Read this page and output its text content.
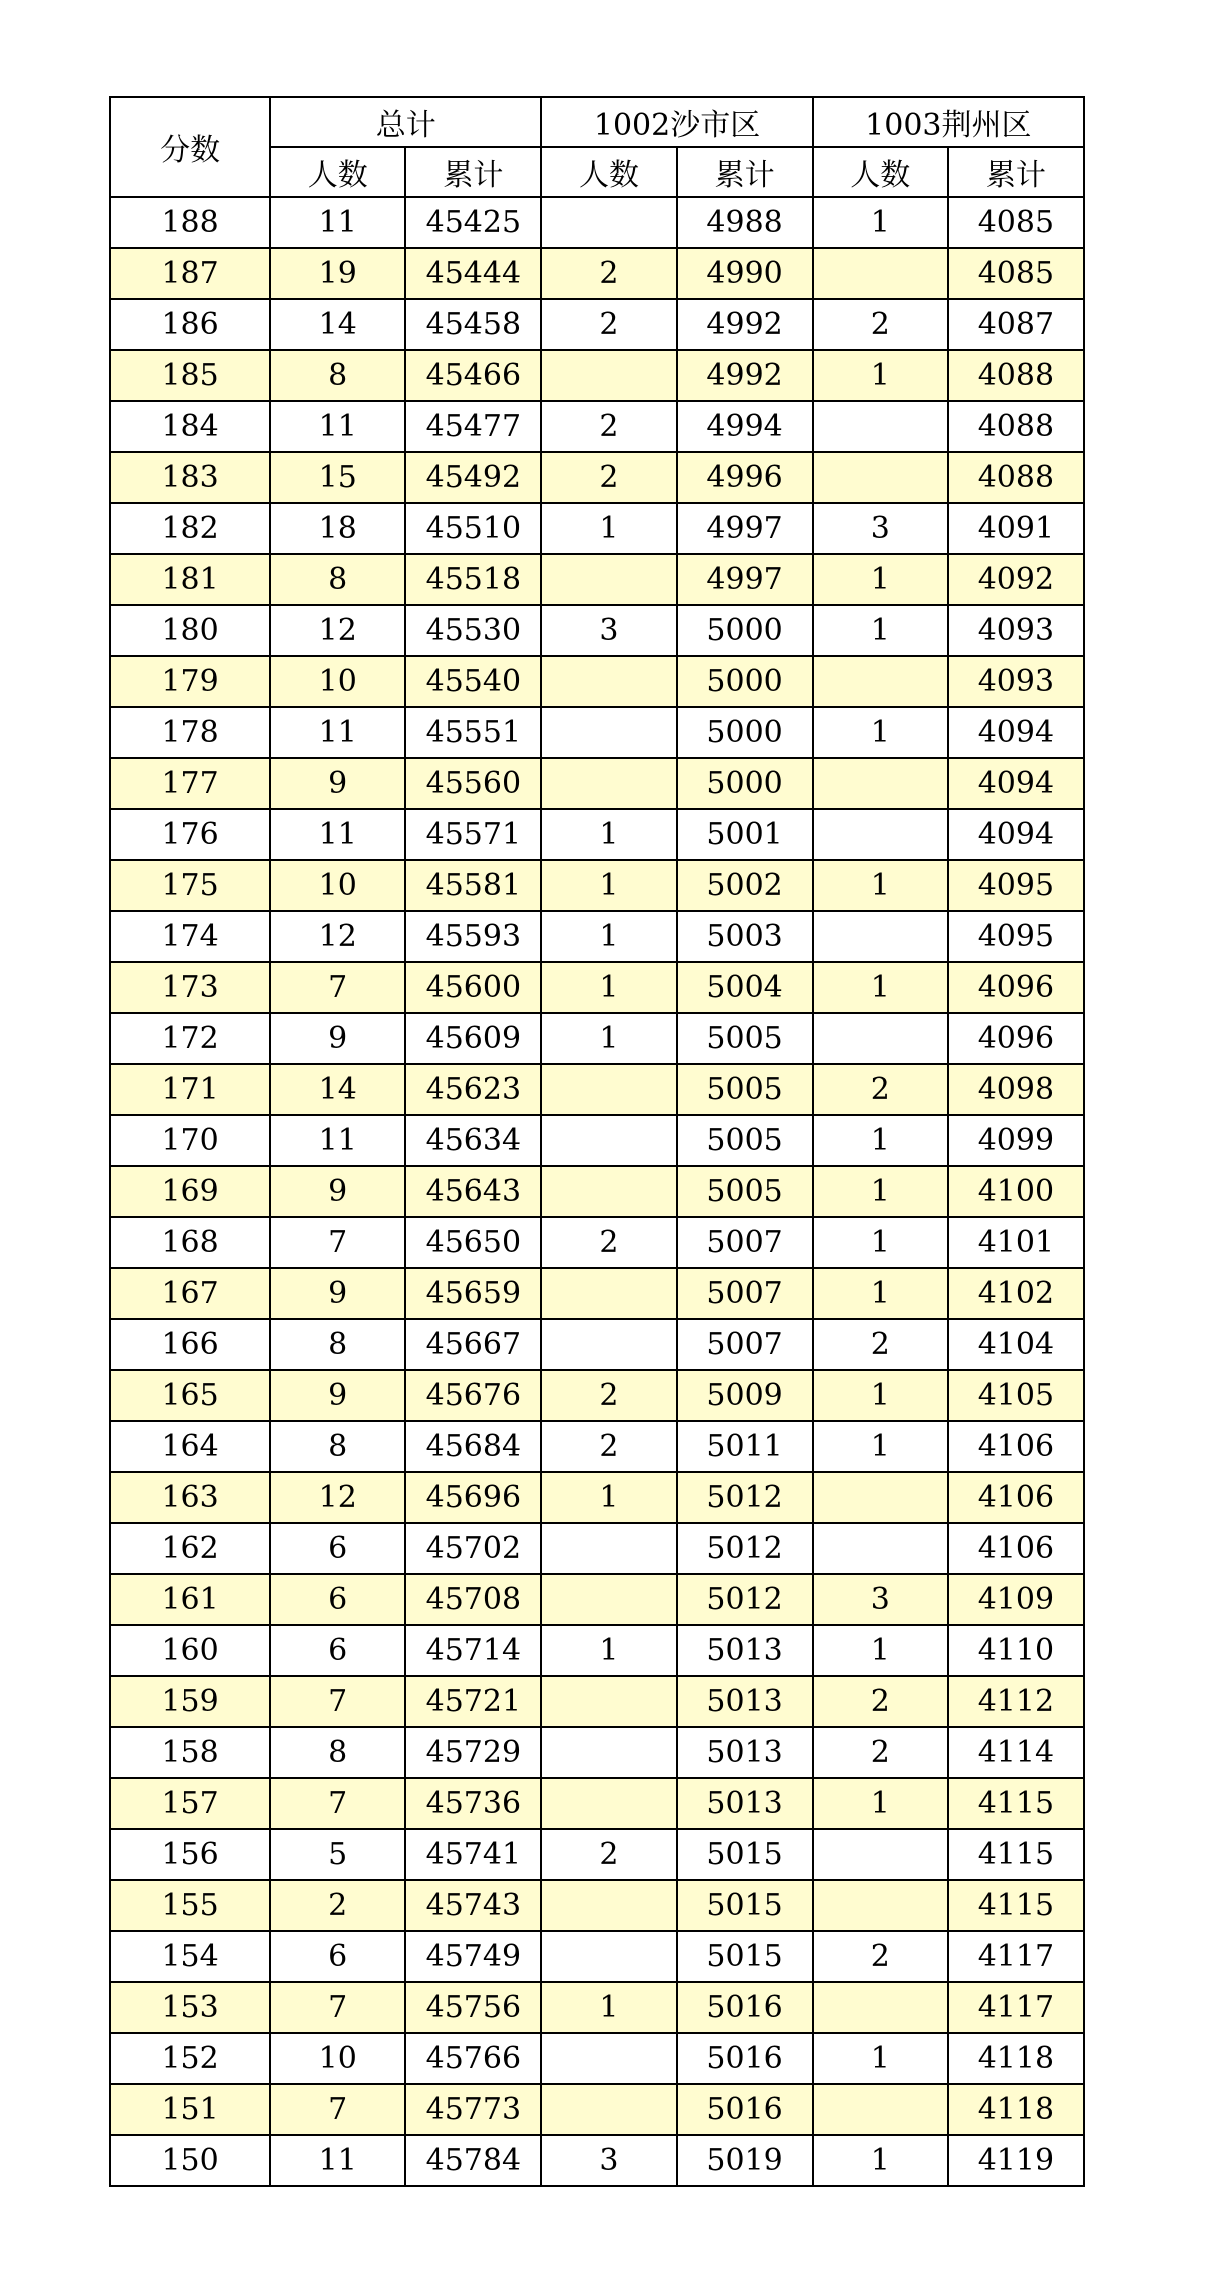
分数	总计		1002沙市区		1003荆州区	
	人数	累计	人数	累计	人数	累计
188	11	45425		4988	1	4085
187	19	45444	2	4990		4085
186	14	45458	2	4992	2	4087
185	8	45466		4992	1	4088
184	11	45477	2	4994		4088
183	15	45492	2	4996		4088
182	18	45510	1	4997	3	4091
181	8	45518		4997	1	4092
180	12	45530	3	5000	1	4093
179	10	45540		5000		4093
178	11	45551		5000	1	4094
177	9	45560		5000		4094
176	11	45571	1	5001		4094
175	10	45581	1	5002	1	4095
174	12	45593	1	5003		4095
173	7	45600	1	5004	1	4096
172	9	45609	1	5005		4096
171	14	45623		5005	2	4098
170	11	45634		5005	1	4099
169	9	45643		5005	1	4100
168	7	45650	2	5007	1	4101
167	9	45659		5007	1	4102
166	8	45667		5007	2	4104
165	9	45676	2	5009	1	4105
164	8	45684	2	5011	1	4106
163	12	45696	1	5012		4106
162	6	45702		5012		4106
161	6	45708		5012	3	4109
160	6	45714	1	5013	1	4110
159	7	45721		5013	2	4112
158	8	45729		5013	2	4114
157	7	45736		5013	1	4115
156	5	45741	2	5015		4115
155	2	45743		5015		4115
154	6	45749		5015	2	4117
153	7	45756	1	5016		4117
152	10	45766		5016	1	4118
151	7	45773		5016		4118
150	11	45784	3	5019	1	4119
